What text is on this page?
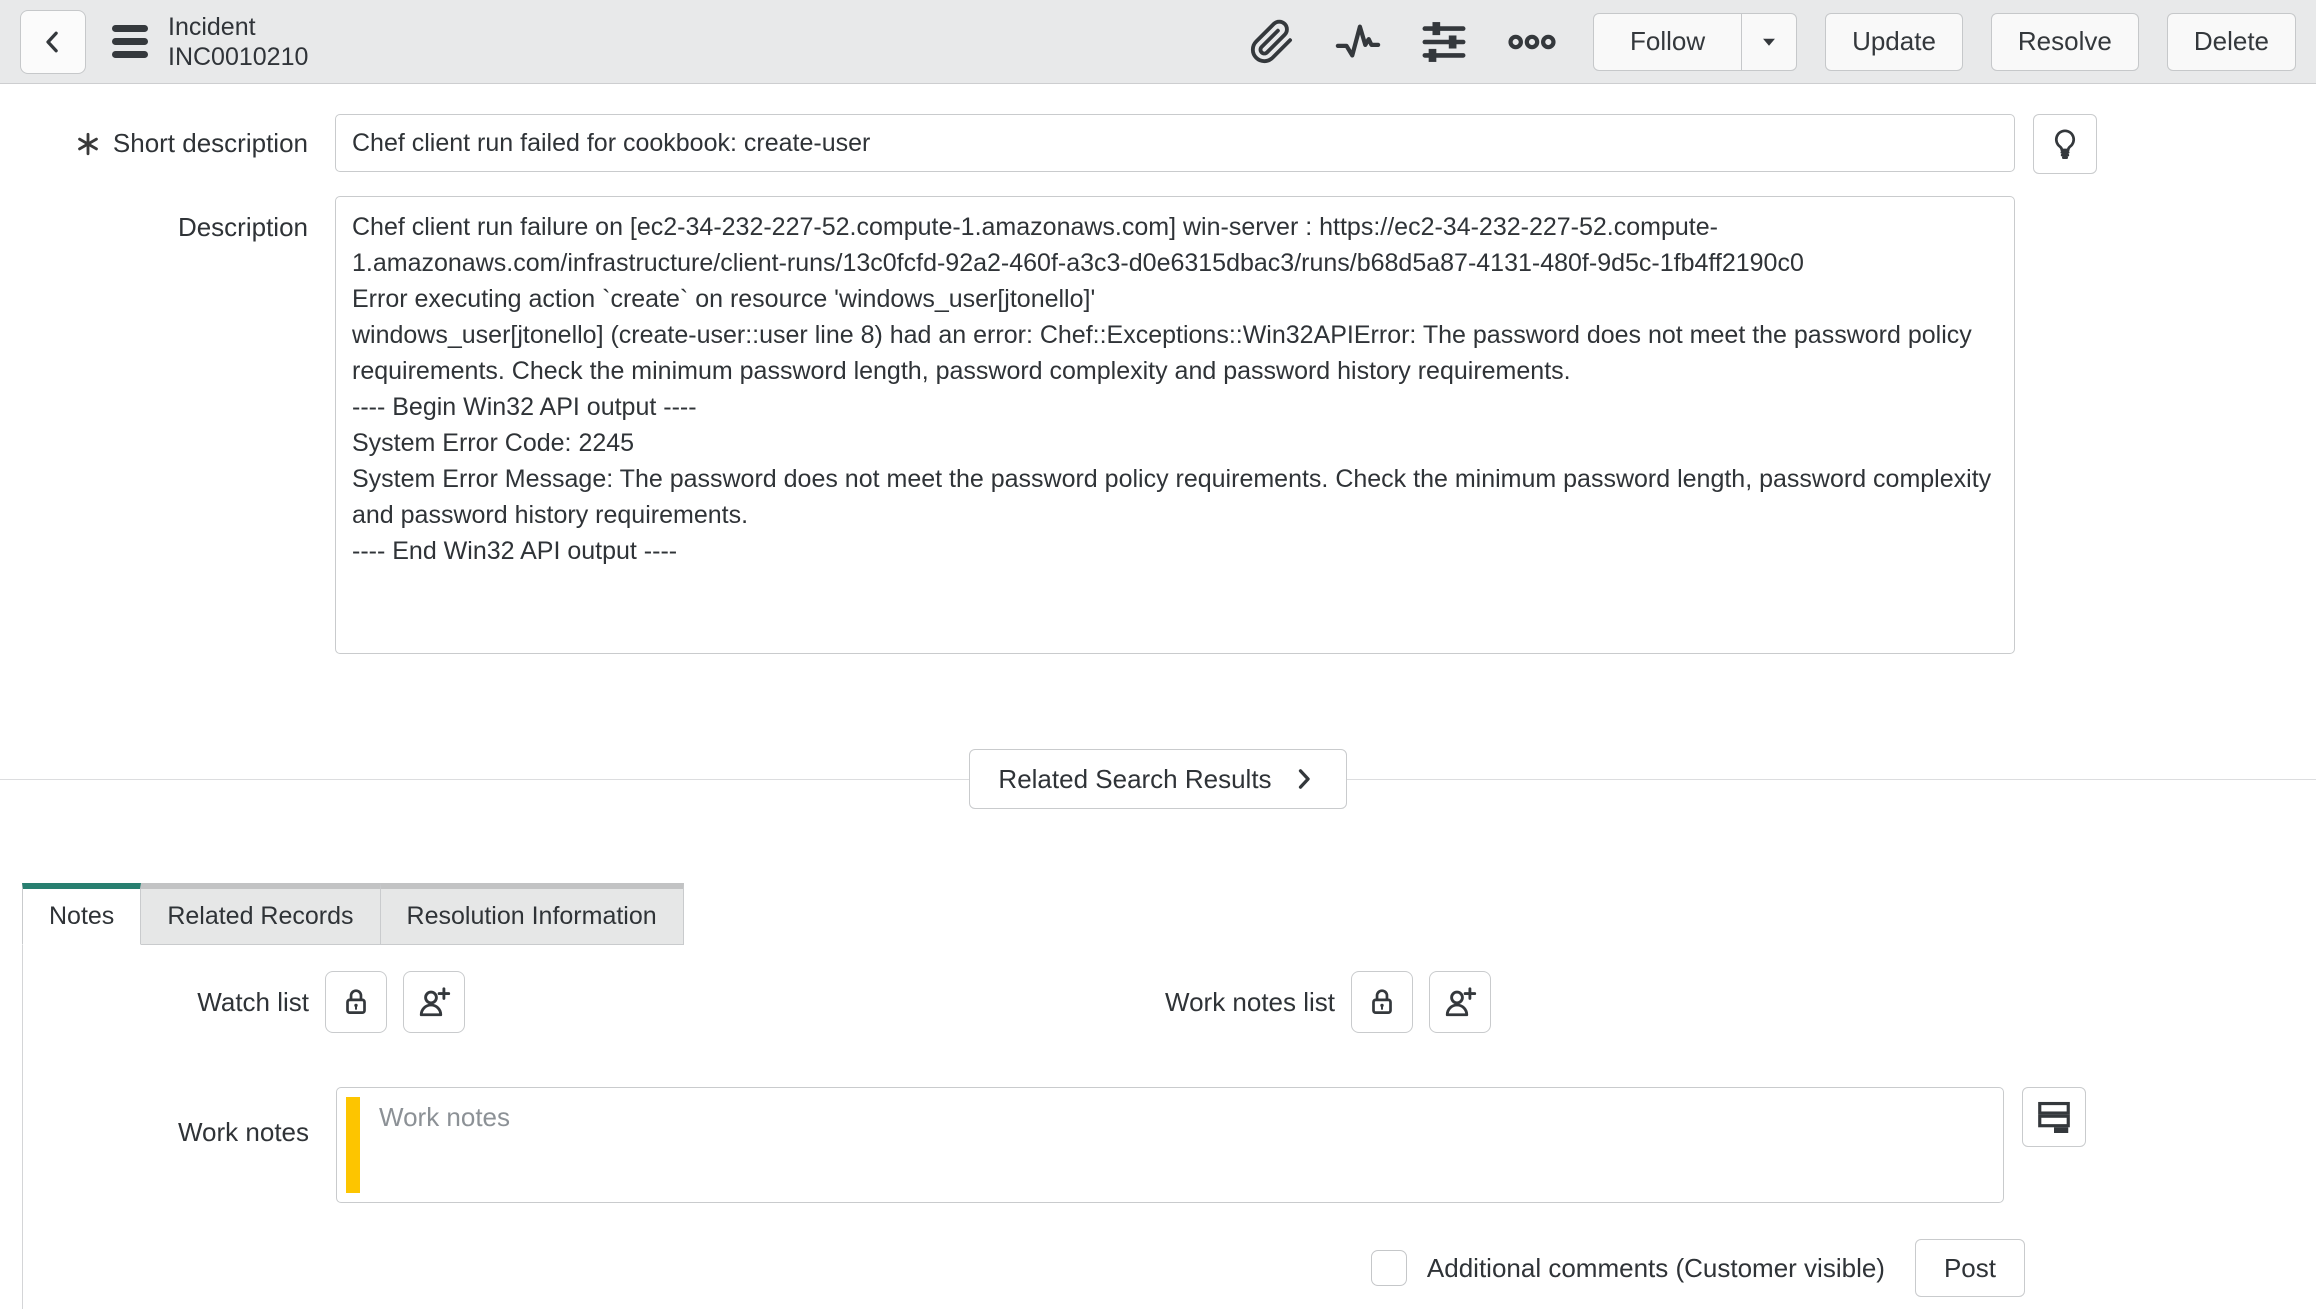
Incident
INC0010210
Follow	Update	Resolve	Delete
Short description
Chef client run failed for cookbook: create-user
Description
Chef client run failure on [ec2-34-232-227-52.compute-1.amazonaws.com] win-server : https://ec2-34-232-227-52.compute-1.amazonaws.com/infrastructure/client-runs/13c0fcfd-92a2-460f-a3c3-d0e6315dbac3/runs/b68d5a87-4131-480f-9d5c-1fb4ff2190c0 Error executing action `create` on resource 'windows_user[jtonello]' windows_user[jtonello] (create-user::user line 8) had an error: Chef::Exceptions::Win32APIError: The password does not meet the password policy requirements. Check the minimum password length, password complexity and password history requirements. ---- Begin Win32 API output ---- System Error Code: 2245 System Error Message: The password does not meet the password policy requirements. Check the minimum password length, password complexity and password history requirements. ---- End Win32 API output ----
Related Search Results
Notes	Related Records	Resolution Information
Watch list	Work notes list
Work notes
Work notes
Additional comments (Customer visible)	Post
